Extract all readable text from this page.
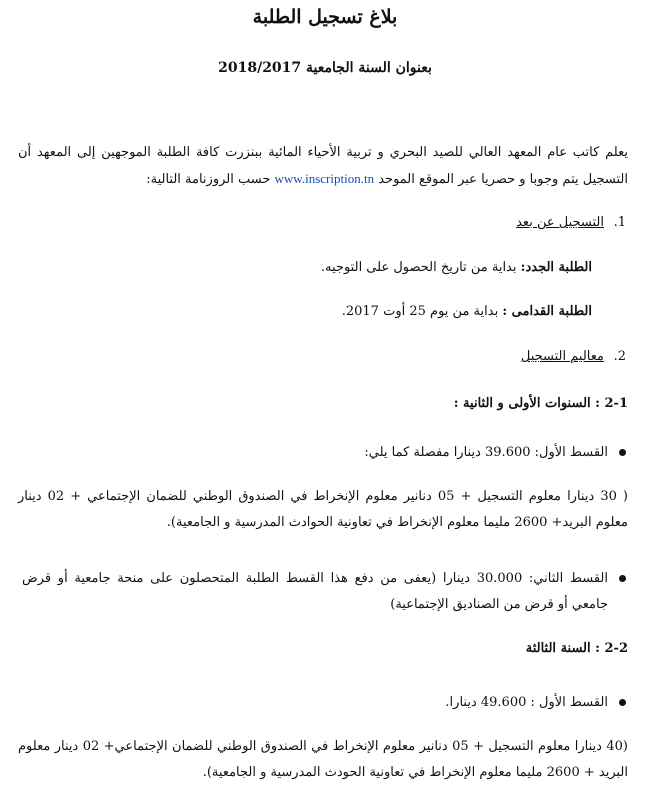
بلاغ تسجيل الطلبة
بعنوان السنة الجامعية 2018/2017
يعلم كاتب عام المعهد العالي للصيد البحري و تربية الأحياء المائية ببنزرت كافة الطلبة الموجهين إلى المعهد أن التسجيل يتم وجوبا و حصريا عبر الموقع الموحد www.inscription.tn حسب الروزنامة التالية:
1.
التسجيل عن بعد
الطلبة الجدد: بداية من تاريخ الحصول على التوجيه.
الطلبة القدامى : بداية من يوم 25 أوت 2017.
2.
معاليم التسجيل
2-1 : السنوات الأولى و الثانية :
القسط الأول: 39.600 دينارا مفصلة كما يلي:
( 30 دينارا معلوم التسجيل + 05 دنانير معلوم الإنخراط في الصندوق الوطني للضمان الإجتماعي + 02 دينار معلوم البريد+ 2600 مليما معلوم الإنخراط في تعاونية الحوادث المدرسية و الجامعية).
القسط الثاني: 30.000 دينارا (يعفى من دفع هذا القسط الطلبة المتحصلون على منحة جامعية أو قرض جامعي أو قرض من الصناديق الإجتماعية)
2-2 : السنة الثالثة
القسط الأول : 49.600 دينارا.
(40 دينارا معلوم التسجيل + 05 دنانير معلوم الإنخراط في الصندوق الوطني للضمان الإجتماعي+ 02 دينار معلوم البريد + 2600 مليما معلوم الإنخراط في تعاونية الحودث المدرسية و الجامعية).
